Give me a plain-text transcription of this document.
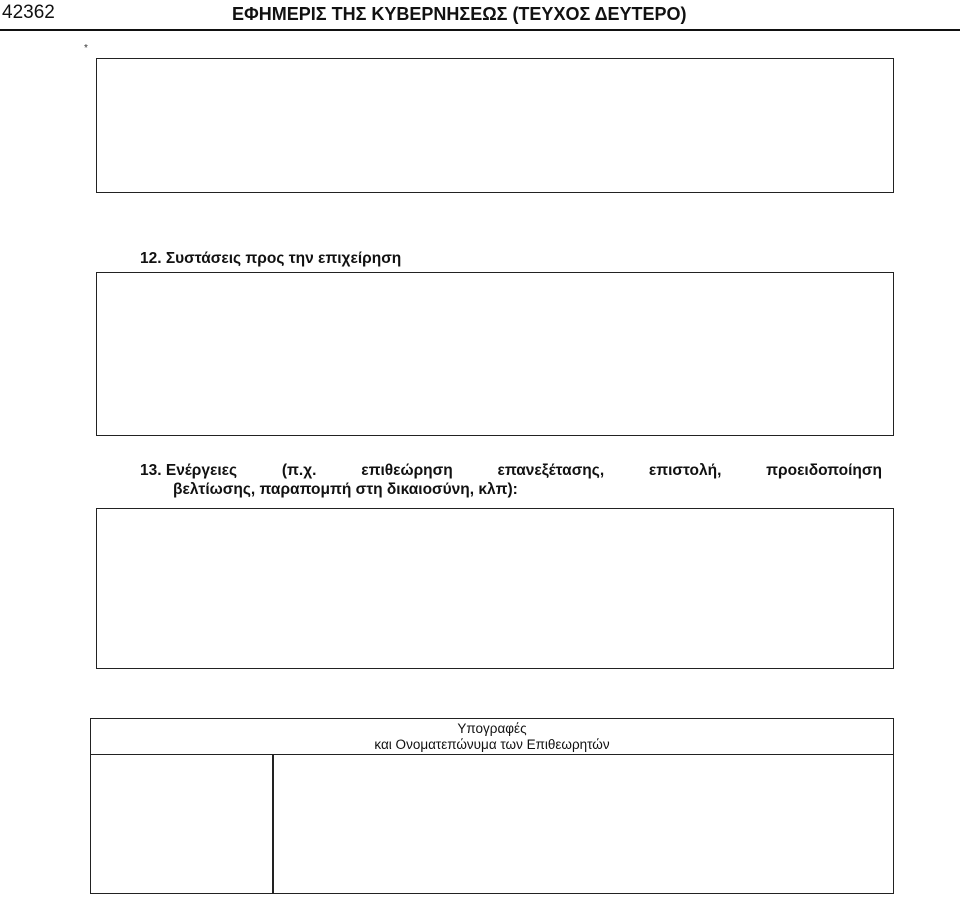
42362	ΕΦΗΜΕΡΙΣ ΤΗΣ ΚΥΒΕΡΝΗΣΕΩΣ (ΤΕΥΧΟΣ ΔΕΥΤΕΡΟ)
*
12. Συστάσεις προς την επιχείρηση
13. Ενέργειες	(π.χ.	επιθεώρηση	επανεξέτασης,	επιστολή,	προειδοποίηση
βελτίωσης, παραπομπή στη δικαιοσύνη, κλπ):
Υπογραφές
και Ονοματεπώνυμα των Επιθεωρητών
